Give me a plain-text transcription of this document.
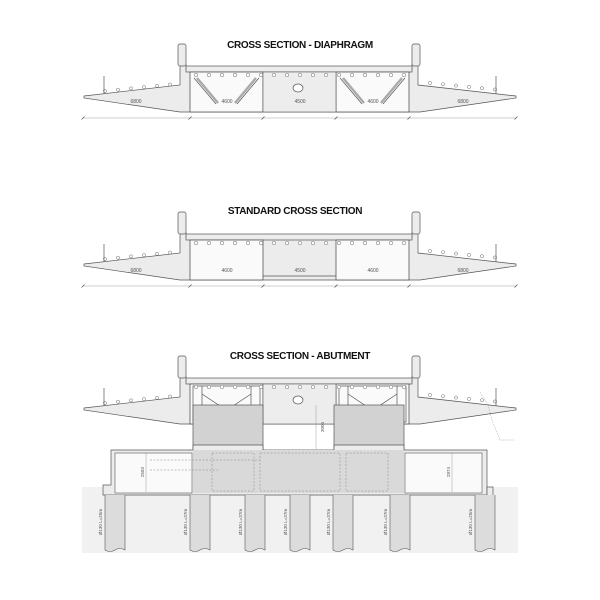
CROSS SECTION - DIAPHRAGM
6800	4600	4500	4600	6800
STANDARD CROSS SECTION
6800	4600	4500	4600	6800
CROSS SECTION - ABUTMENT
3004
2583	2874
Ø130 L=25m	Ø130 L=37m	Ø130 L=37m	Ø130 L=37m	Ø130 L=37m	Ø130 L=37m	Ø130 L=25m
